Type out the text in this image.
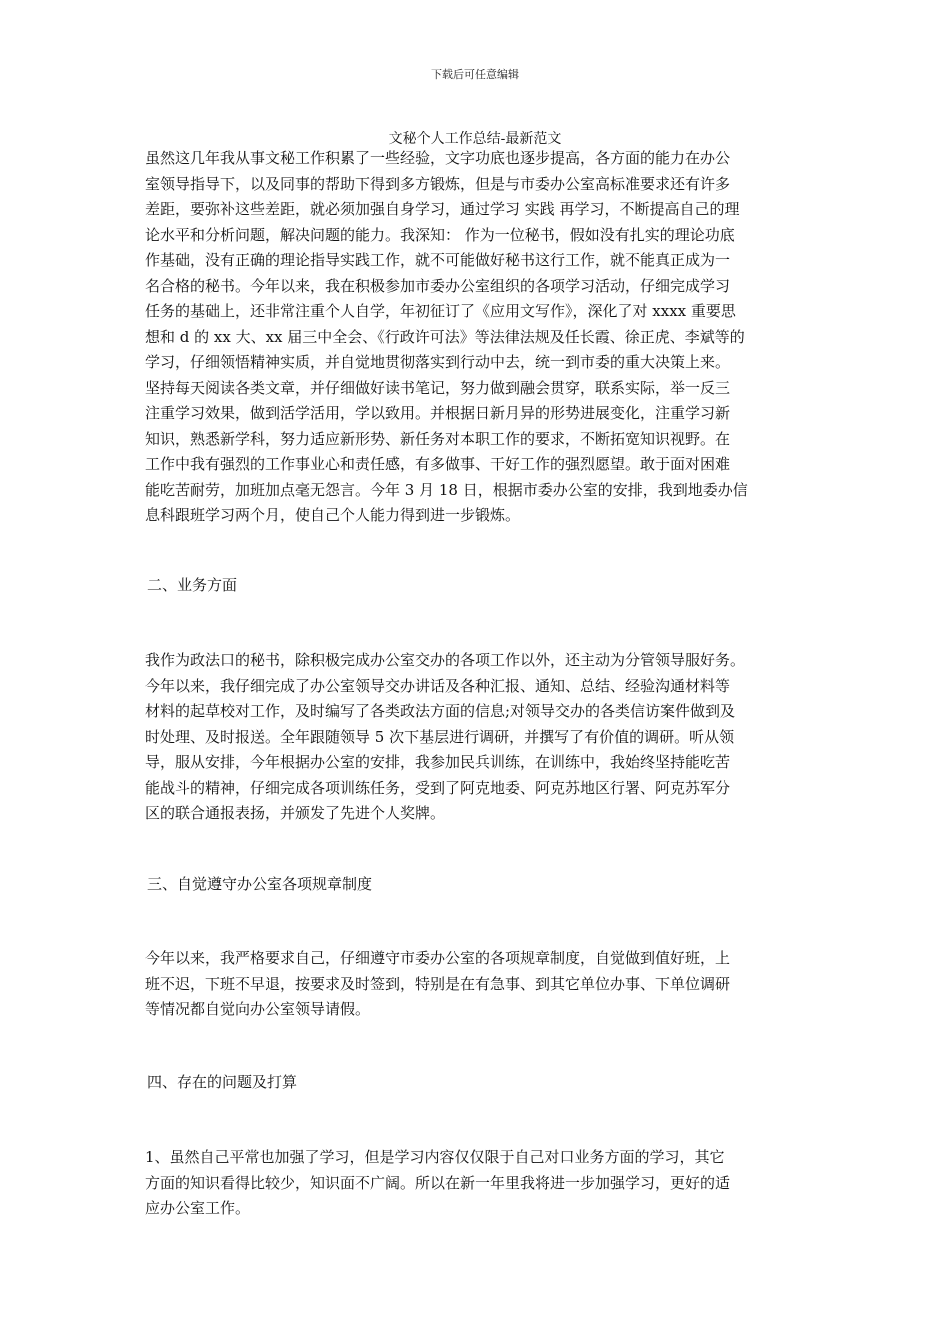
下载后可任意编辑
文秘个人工作总结-最新范文
虽然这几年我从事文秘工作积累了一些经验，文字功底也逐步提高，各方面的能力在办公
室领导指导下，以及同事的帮助下得到多方锻炼，但是与市委办公室高标准要求还有许多
差距，要弥补这些差距，就必须加强自身学习，通过学习 实践 再学习，不断提高自己的理
论水平和分析问题，解决问题的能力。我深知： 作为一位秘书，假如没有扎实的理论功底
作基础，没有正确的理论指导实践工作，就不可能做好秘书这行工作，就不能真正成为一
名合格的秘书。今年以来，我在积极参加市委办公室组织的各项学习活动，仔细完成学习
任务的基础上，还非常注重个人自学，年初征订了《应用文写作》，深化了对 xxxx 重要思
想和 d 的 xx 大、xx 届三中全会、《行政许可法》等法律法规及任长霞、徐正虎、李斌等的
学习，仔细领悟精神实质，并自觉地贯彻落实到行动中去，统一到市委的重大决策上来。
坚持每天阅读各类文章，并仔细做好读书笔记，努力做到融会贯穿，联系实际，举一反三
注重学习效果，做到活学活用，学以致用。并根据日新月异的形势进展变化，注重学习新
知识，熟悉新学科，努力适应新形势、新任务对本职工作的要求，不断拓宽知识视野。在
工作中我有强烈的工作事业心和责任感，有多做事、干好工作的强烈愿望。敢于面对困难
能吃苦耐劳，加班加点毫无怨言。今年 3 月 18 日，根据市委办公室的安排，我到地委办信
息科跟班学习两个月，使自己个人能力得到进一步锻炼。
二、业务方面
我作为政法口的秘书，除积极完成办公室交办的各项工作以外，还主动为分管领导服好务。
今年以来，我仔细完成了办公室领导交办讲话及各种汇报、通知、总结、经验沟通材料等
材料的起草校对工作，及时编写了各类政法方面的信息;对领导交办的各类信访案件做到及
时处理、及时报送。全年跟随领导 5 次下基层进行调研，并撰写了有价值的调研。听从领
导，服从安排，今年根据办公室的安排，我参加民兵训练，在训练中，我始终坚持能吃苦
能战斗的精神，仔细完成各项训练任务，受到了阿克地委、阿克苏地区行署、阿克苏军分
区的联合通报表扬，并颁发了先进个人奖牌。
三、自觉遵守办公室各项规章制度
今年以来，我严格要求自己，仔细遵守市委办公室的各项规章制度，自觉做到值好班，上
班不迟，下班不早退，按要求及时签到，特别是在有急事、到其它单位办事、下单位调研
等情况都自觉向办公室领导请假。
四、存在的问题及打算
1、虽然自己平常也加强了学习，但是学习内容仅仅限于自己对口业务方面的学习，其它
方面的知识看得比较少，知识面不广阔。所以在新一年里我将进一步加强学习，更好的适
应办公室工作。
